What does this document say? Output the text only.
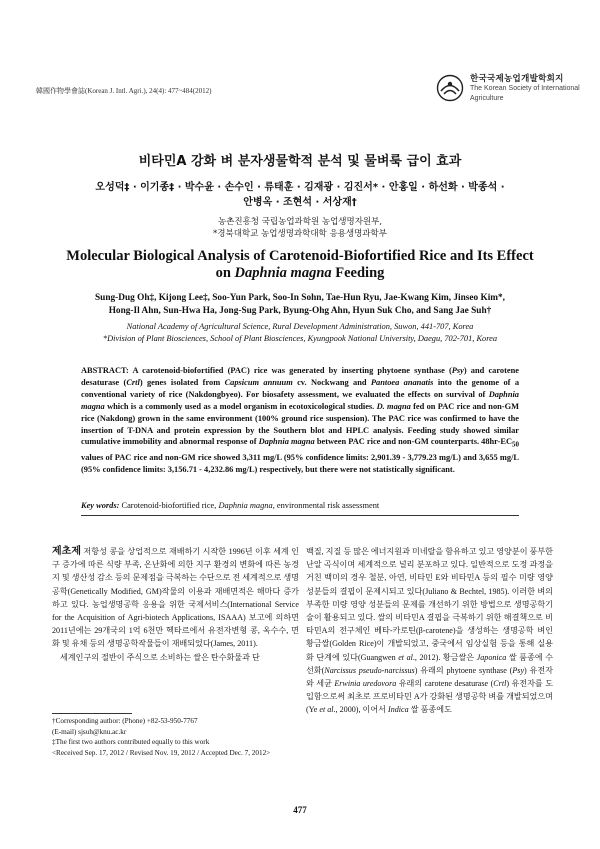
韓國作物學會誌(Korean J. Intl. Agri.), 24(4): 477~484(2012)
한국국제농업개발학회지
The Korean Society of International
Agriculture
비타민A 강화 벼 분자생물학적 분석 및 물벼룩 급이 효과
오성덕‡ · 이기종‡ · 박수윤 · 손수인 · 류태훈 · 김재광 · 김진서* · 안홍일 · 하선화 · 박종석 ·
안병옥 · 조현석 · 서상재†
농촌진흥청 국립농업과학원 농업생명자원부,
*경북대학교 농업생명과학대학 응용생명과학부
Molecular Biological Analysis of Carotenoid-Biofortified Rice and Its Effect
on Daphnia magna Feeding
Sung-Dug Oh‡, Kijong Lee‡, Soo-Yun Park, Soo-In Sohn, Tae-Hun Ryu, Jae-Kwang Kim, Jinseo Kim*,
Hong-Il Ahn, Sun-Hwa Ha, Jong-Sug Park, Byung-Ohg Ahn, Hyun Suk Cho, and Sang Jae Suh†
National Academy of Agricultural Science, Rural Development Administration, Suwon, 441-707, Korea
*Division of Plant Biosciences, School of Plant Biosciences, Kyungpook National University, Daegu, 702-701, Korea
ABSTRACT: A carotenoid-biofortified (PAC) rice was generated by inserting phytoene synthase (Psy) and carotene desaturase (Crtl) genes isolated from Capsicum annuum cv. Nockwang and Pantoea ananatis into the genome of a conventional variety of rice (Nakdongbyeo). For biosafety assessment, we evaluated the effects on survival of Daphnia magna which is a commonly used as a model organism in ecotoxicological studies. D. magna fed on PAC rice and non-GM rice (Nakdong) grown in the same environment (100% ground rice suspension). The PAC rice was confirmed to have the insertion of T-DNA and protein expression by the Southern blot and HPLC analysis. Feeding study showed similar cumulative immobility and abnormal response of Daphnia magna between PAC rice and non-GM counterparts. $48hr-EC_{50}$ values of PAC rice and non-GM rice showed 3,311 mg/L (95% confidence limits: 2,901.39 - 3,779.23 mg/L) and 3,655 mg/L (95% confidence limits: 3,156.71 - 4,232.86 mg/L) respectively, but there were not statistically significant.
Key words: Carotenoid-biofortified rice, Daphnia magna, environmental risk assessment

제초제 저항성 콩을 상업적으로 재배하기 시작한 1996년 이후 세계 인구 증가에 따른 식량 부족, 온난화에 의한 지구 환경의 변화에 따른 농경지 및 생산성 감소 등의 문제점을 극복하는 수단으로 전 세계적으로 생명공학(Genetically Modified, GM)작물의 이용과 재배면적은 해마다 증가하고 있다. 농업생명공학 응용을 위한 국제서비스(International Service for the Acquisition of Agri-biotech Applications, ISAAA) 보고에 의하면 2011년에는 29개국의 1억 6천만 헥타르에서 유전자변형 콩, 옥수수, 면화 및 유채 등의 생명공학작물들이 재배되었다(James, 2011).

세계인구의 절반이 주식으로 소비하는 쌀은 탄수화물과 단

백질, 지질 등 많은 에너지원과 미네랄을 함유하고 있고 영양분이 풍부한 난알 곡식이며 세계적으로 널리 분포하고 있다. 일반적으로 도정 과정을 거친 백미의 경우 철분, 아연, 비타민 E와 비타민A 등의 필수 미량 영양 성분들의 결핍이 문제시되고 있다(Juliano & Bechtel, 1985). 이러한 벼의 부족한 미량 영양 성분들의 문제를 개선하기 위한 방법으로 생명공학기술이 활용되고 있다. 쌀의 비타민A 결핍을 극복하기 위한 해결책으로 비타민A의 전구체인 베타-카로틴(β-carotene)을 생성하는 생명공학 벼인 황금쌀(Golden Rice)이 개발되었고, 중국에서 임상실험 등을 통해 실용화 단계에 있다(Guangwen et al., 2012). 황금쌀은 Japonica 쌀 품종에 수선화(Narcissus pseudo-narcissus) 유래의 phytoene synthase (Psy) 유전자와 세균 Erwinia uredovora 유래의 carotene desaturase (Crtl) 유전자를 도입함으로써 최초로 프로비타민 A가 강화된 생명공학 벼를 개발되었으며(Ye et al., 2000), 이어서 Indica 쌀 품종에도

†Corresponding author: (Phone) +82-53-950-7767

(E-mail) sjsuh@knu.ac.kr

‡The first two authors contributed equally to this work

<Received Sep. 17, 2012 / Revised Nov. 19, 2012 / Accepted Dec. 7, 2012>

477
